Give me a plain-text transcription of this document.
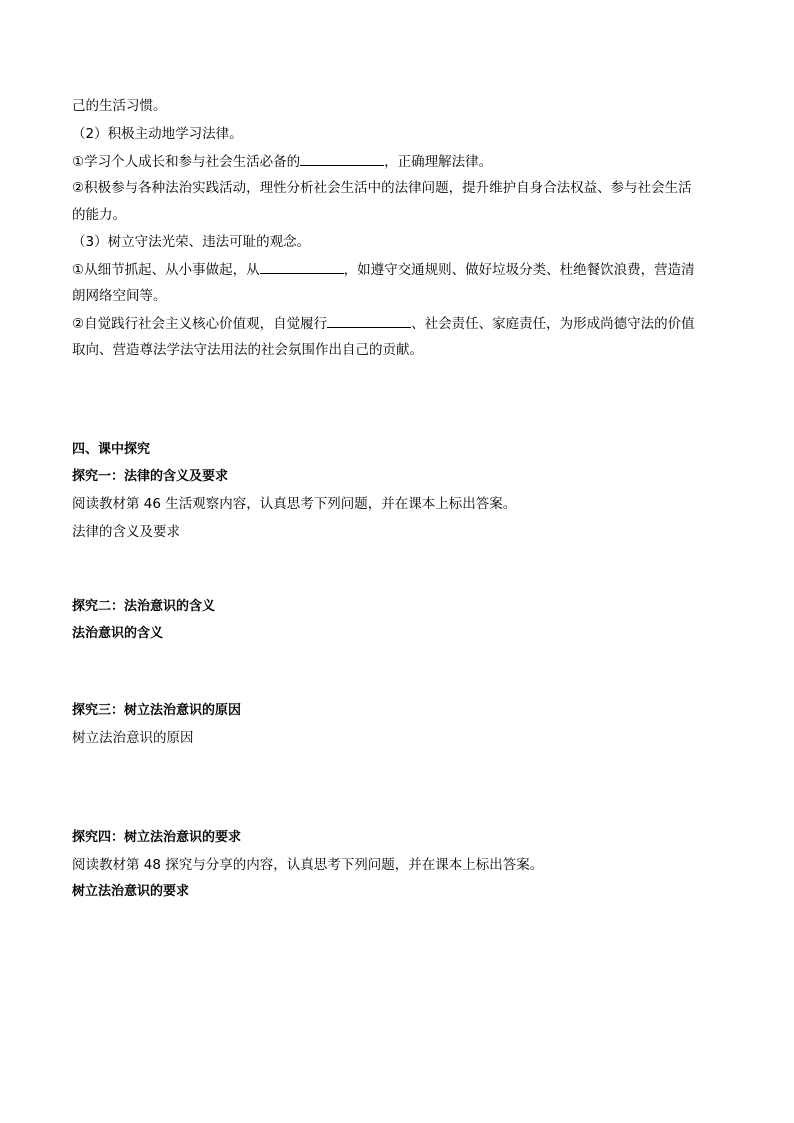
己的生活习惯。
（2）积极主动地学习法律。
①学习个人成长和参与社会生活必备的	，正确理解法律。
②积极参与各种法治实践活动，理性分析社会生活中的法律问题，提升维护自身合法权益、参与社会生活
的能力。
（3）树立守法光荣、违法可耻的观念。
①从细节抓起、从小事做起，从	，如遵守交通规则、做好垃圾分类、杜绝餐饮浪费，营造清
朗网络空间等。
②自觉践行社会主义核心价值观，自觉履行	、社会责任、家庭责任，为形成尚德守法的价值
取向、营造尊法学法守法用法的社会氛围作出自己的贡献。
四、课中探究
探究一：法律的含义及要求
阅读教材第 46 生活观察内容，认真思考下列问题，并在课本上标出答案。
法律的含义及要求
探究二：法治意识的含义
法治意识的含义
探究三：树立法治意识的原因
树立法治意识的原因
探究四：树立法治意识的要求
阅读教材第 48 探究与分享的内容，认真思考下列问题，并在课本上标出答案。
树立法治意识的要求
